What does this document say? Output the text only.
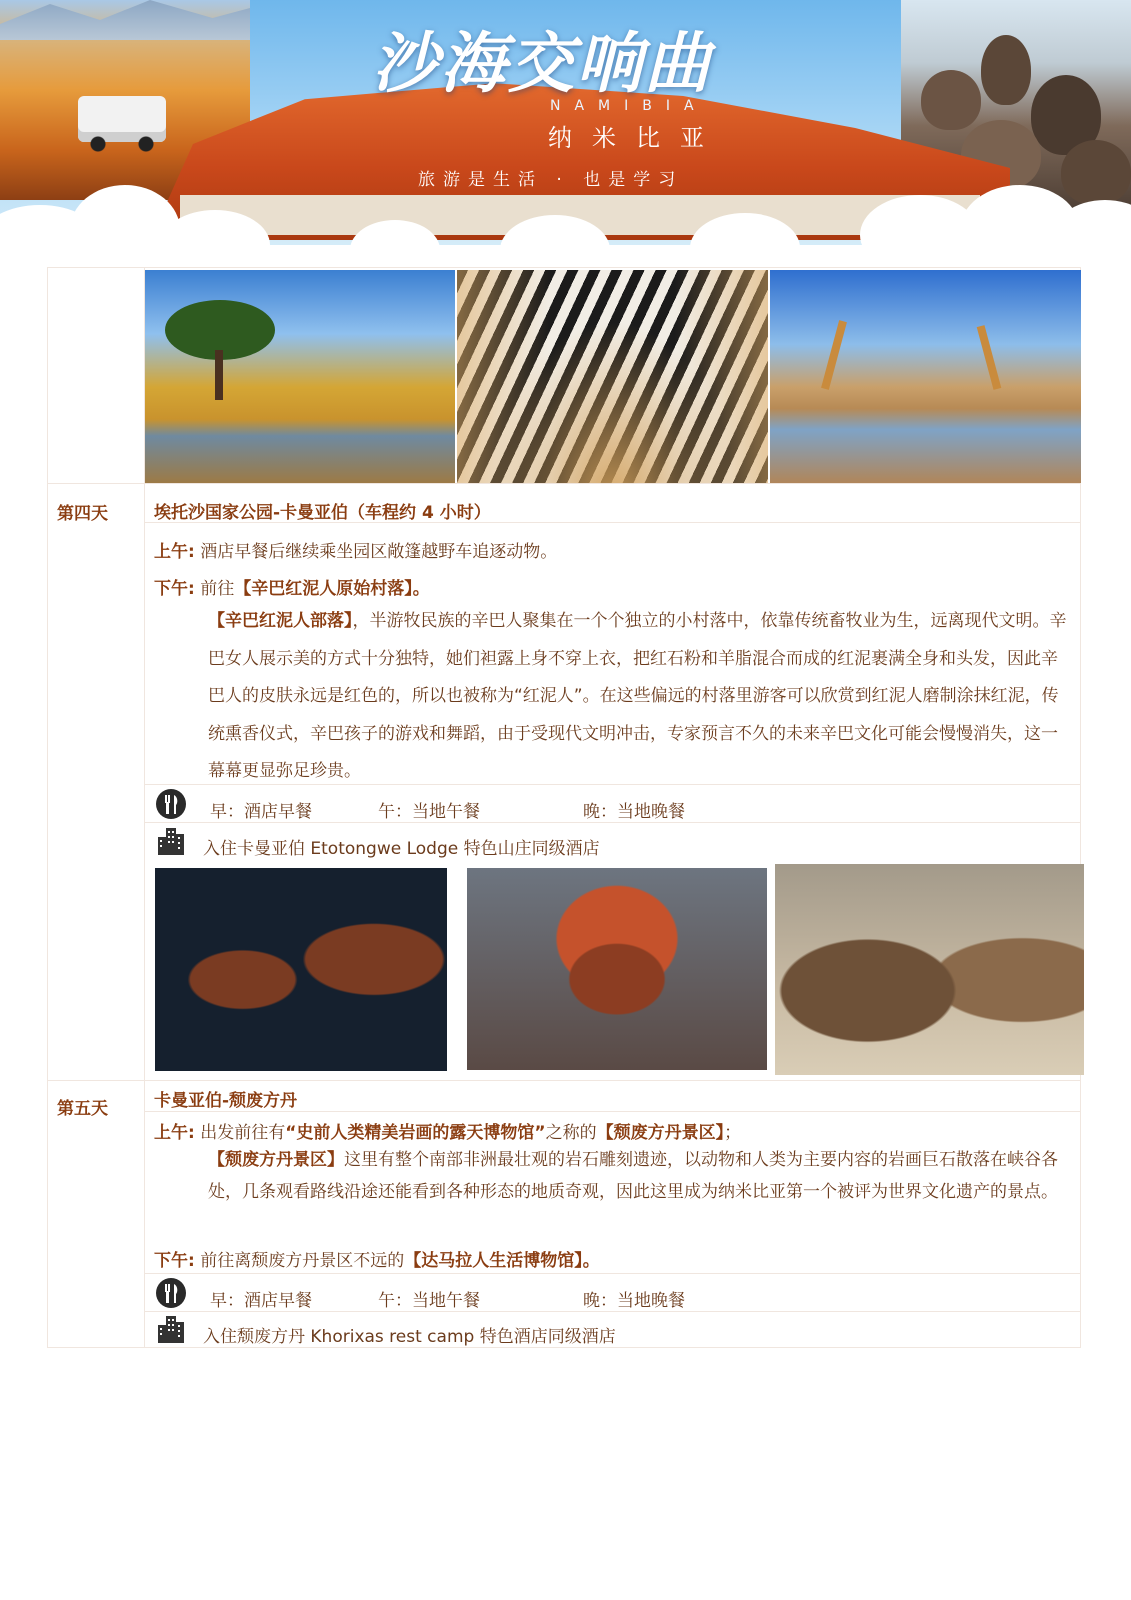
沙海交响曲
NAMIBIA
纳米比亚
旅游是生活 · 也是学习
第四天	埃托沙国家公园-卡曼亚伯（车程约 4 小时）
上午: 酒店早餐后继续乘坐园区敞篷越野车追逐动物。
下午: 前往【辛巴红泥人原始村落】。
【辛巴红泥人部落】，半游牧民族的辛巴人聚集在一个个独立的小村落中，依靠传统畜牧业为生，远离现代文明。辛巴女人展示美的方式十分独特，她们袒露上身不穿上衣，把红石粉和羊脂混合而成的红泥裹满全身和头发，因此辛巴人的皮肤永远是红色的，所以也被称为“红泥人”。在这些偏远的村落里游客可以欣赏到红泥人磨制涂抹红泥，传统熏香仪式，辛巴孩子的游戏和舞蹈，由于受现代文明冲击，专家预言不久的未来辛巴文化可能会慢慢消失，这一幕幕更显弥足珍贵。
早：酒店早餐	午：当地午餐	晚：当地晚餐
入住卡曼亚伯 Etotongwe Lodge 特色山庄同级酒店
第五天	卡曼亚伯-颓废方丹
上午: 出发前往有“史前人类精美岩画的露天博物馆”之称的【颓废方丹景区】；
【颓废方丹景区】这里有整个南部非洲最壮观的岩石雕刻遗迹，以动物和人类为主要内容的岩画巨石散落在峡谷各处，几条观看路线沿途还能看到各种形态的地质奇观，因此这里成为纳米比亚第一个被评为世界文化遗产的景点。
下午: 前往离颓废方丹景区不远的【达马拉人生活博物馆】。
早：酒店早餐	午：当地午餐	晚：当地晚餐
入住颓废方丹 Khorixas rest camp 特色酒店同级酒店
